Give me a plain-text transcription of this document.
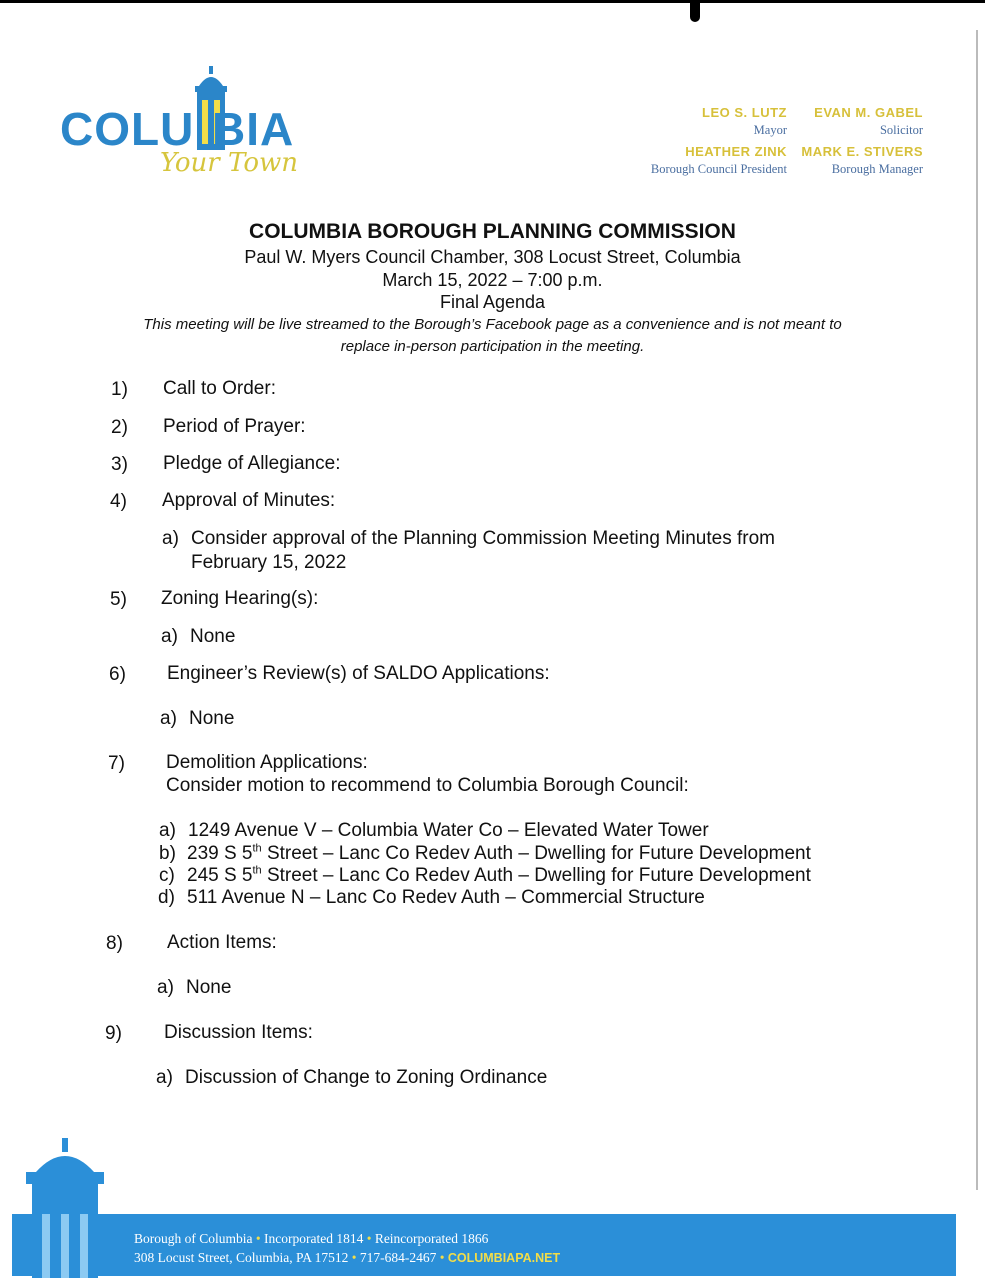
COLU BIA
Your Town
LEO S. LUTZ
Mayor
EVAN M. GABEL
Solicitor
HEATHER ZINK
Borough Council President
MARK E. STIVERS
Borough Manager
COLUMBIA BOROUGH PLANNING COMMISSION
Paul W. Myers Council Chamber, 308 Locust Street, Columbia
March 15, 2022 – 7:00 p.m.
Final Agenda
This meeting will be live streamed to the Borough’s Facebook page as a convenience and is not meant to
replace in-person participation in the meeting.
1) Call to Order:
2) Period of Prayer:
3) Pledge of Allegiance:
4) Approval of Minutes:
a) Consider approval of the Planning Commission Meeting Minutes from
February 15, 2022
5) Zoning Hearing(s):
a) None
6) Engineer’s Review(s) of SALDO Applications:
a) None
7) Demolition Applications:
Consider motion to recommend to Columbia Borough Council:
a) 1249 Avenue V – Columbia Water Co – Elevated Water Tower
b) 239 S 5th Street – Lanc Co Redev Auth – Dwelling for Future Development
c) 245 S 5th Street – Lanc Co Redev Auth – Dwelling for Future Development
d) 511 Avenue N – Lanc Co Redev Auth – Commercial Structure
8) Action Items:
a) None
9) Discussion Items:
a) Discussion of Change to Zoning Ordinance
Borough of Columbia • Incorporated 1814 • Reincorporated 1866
308 Locust Street, Columbia, PA 17512 • 717-684-2467 • COLUMBIAPA.NET
